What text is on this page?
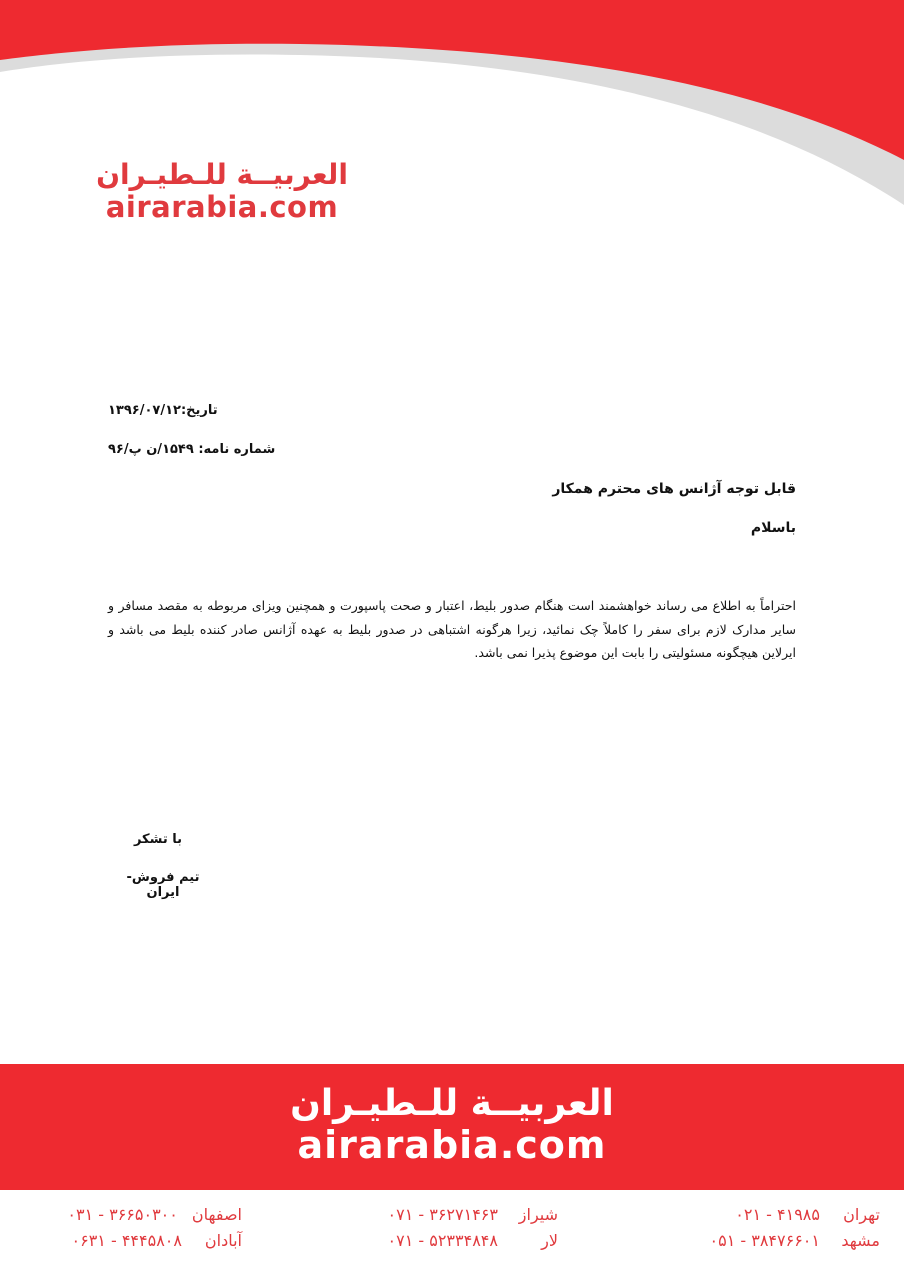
العربيــة للـطيـران
airarabia.com
تاریخ:۱۳۹۶/۰۷/۱۲
شماره نامه: ۱۵۴۹/ن پ/۹۶
قابل توجه آژانس های محترم همکار
باسلام
احتراماً به اطلاع می رساند خواهشمند است هنگام صدور بلیط، اعتبار و صحت پاسپورت و همچنین ویزای مربوطه به مقصد مسافر و سایر مدارک لازم برای سفر را کاملاً چک نمائید، زیرا هرگونه اشتباهی در صدور بلیط به عهده آژانس صادر کننده بلیط می باشد و ایرلاین هیچگونه مسئولیتی را بابت این موضوع پذیرا نمی باشد.
با تشکر
تیم فروش- ایران
العربيــة للـطيـران
airarabia.com
تهران
۰۲۱ - ۴۱۹۸۵
مشهد
۰۵۱ - ۳۸۴۷۶۶۰۱
شیراز
۰۷۱ - ۳۶۲۷۱۴۶۳
لار
۰۷۱ - ۵۲۳۳۴۸۴۸
اصفهان
۰۳۱ - ۳۶۶۵۰۳۰۰
آبادان
۰۶۳۱ - ۴۴۴۵۸۰۸
